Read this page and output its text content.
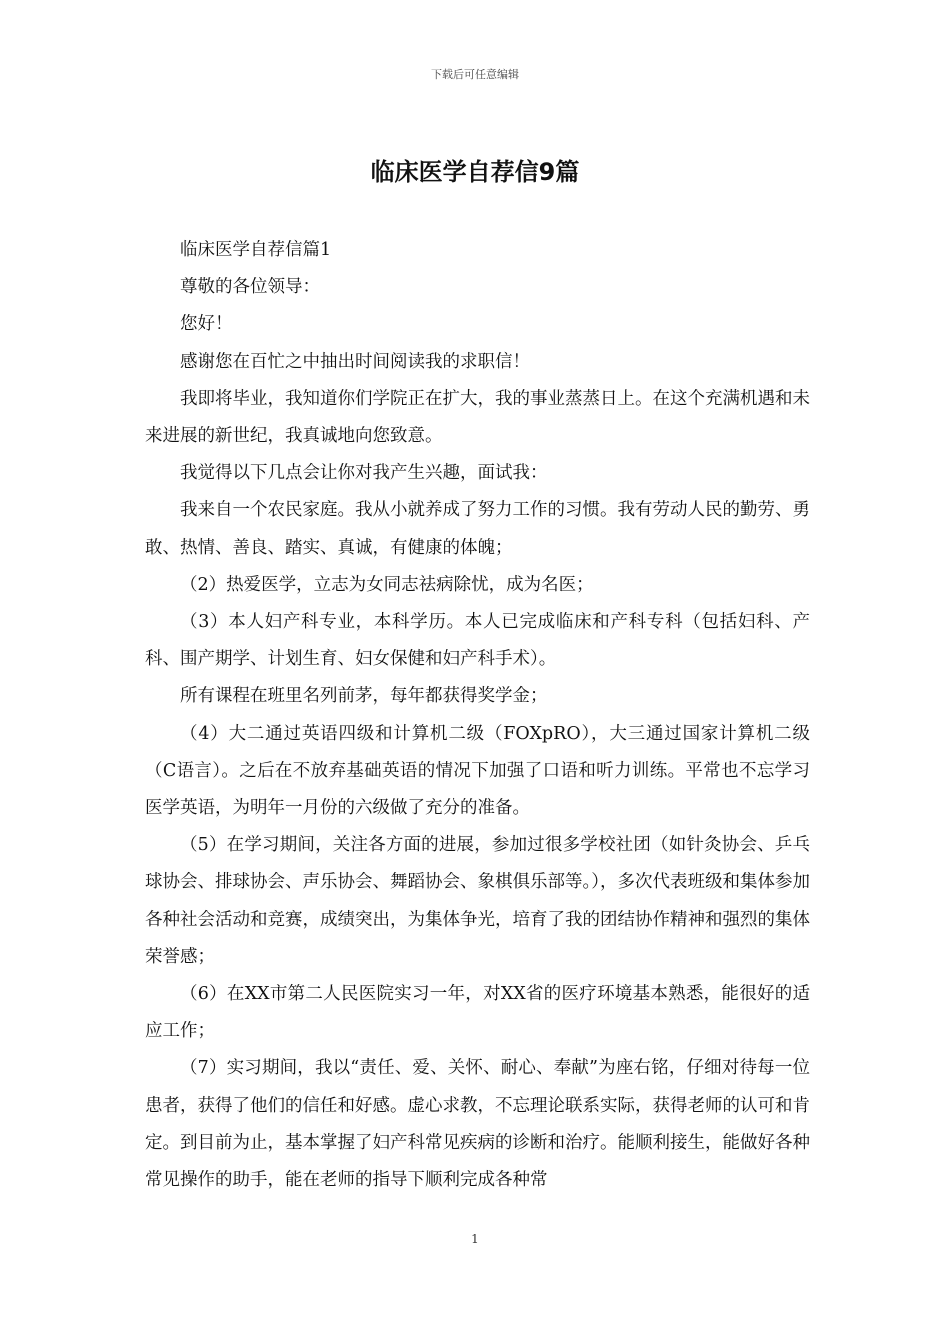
下载后可任意编辑
临床医学自荐信9篇

临床医学自荐信篇1

尊敬的各位领导：

您好！

感谢您在百忙之中抽出时间阅读我的求职信！

我即将毕业，我知道你们学院正在扩大，我的事业蒸蒸日上。在这个充满机遇和未来进展的新世纪，我真诚地向您致意。

我觉得以下几点会让你对我产生兴趣，面试我：

我来自一个农民家庭。我从小就养成了努力工作的习惯。我有劳动人民的勤劳、勇敢、热情、善良、踏实、真诚，有健康的体魄；

（2）热爱医学，立志为女同志祛病除忧，成为名医；

（3）本人妇产科专业，本科学历。本人已完成临床和产科专科（包括妇科、产科、围产期学、计划生育、妇女保健和妇产科手术）。

所有课程在班里名列前茅，每年都获得奖学金；

（4）大二通过英语四级和计算机二级（FOXpRO），大三通过国家计算机二级（C语言）。之后在不放弃基础英语的情况下加强了口语和听力训练。平常也不忘学习医学英语，为明年一月份的六级做了充分的准备。

（5）在学习期间，关注各方面的进展，参加过很多学校社团（如针灸协会、乒乓球协会、排球协会、声乐协会、舞蹈协会、象棋俱乐部等。），多次代表班级和集体参加各种社会活动和竞赛，成绩突出，为集体争光，培育了我的团结协作精神和强烈的集体荣誉感；

（6）在XX市第二人民医院实习一年，对XX省的医疗环境基本熟悉，能很好的适应工作；

（7）实习期间，我以“责任、爱、关怀、耐心、奉献”为座右铭，仔细对待每一位患者，获得了他们的信任和好感。虚心求教，不忘理论联系实际，获得老师的认可和肯定。到目前为止，基本掌握了妇产科常见疾病的诊断和治疗。能顺利接生，能做好各种常见操作的助手，能在老师的指导下顺利完成各种常

1
